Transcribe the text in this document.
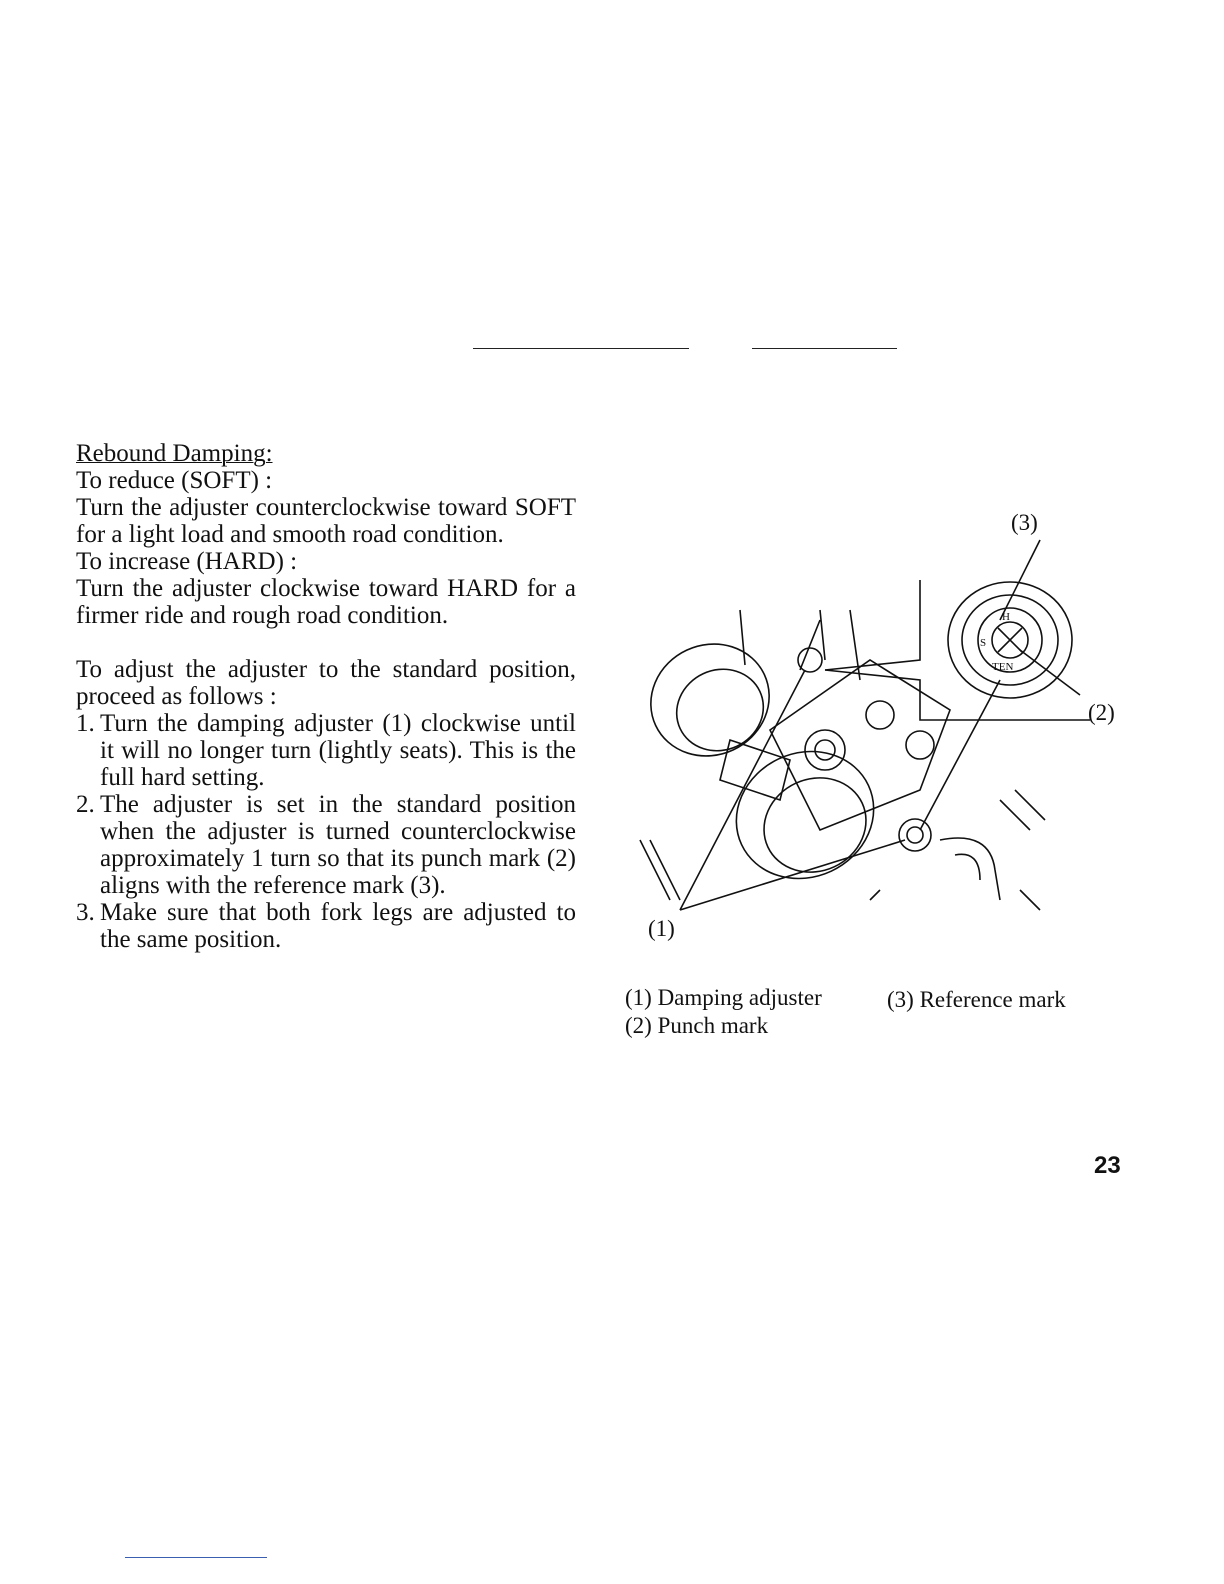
Rebound Damping:

To reduce (SOFT) :

Turn the adjuster counterclockwise toward SOFT for a light load and smooth road condition.

To increase (HARD) :

Turn the adjuster clockwise toward HARD for a firmer ride and rough road condition.

To adjust the adjuster to the standard position, proceed as follows :

1. Turn the damping adjuster (1) clockwise until it will no longer turn (lightly seats). This is the full hard setting.
2. The adjuster is set in the standard position when the adjuster is turned counterclockwise approximately 1 turn so that its punch mark (2) aligns with the reference mark (3).
3. Make sure that both fork legs are adjusted to the same position.
H
S
TEN
(3)
(2)
(1)
(1) Damping adjuster
(2) Punch mark
(3) Reference mark
23
